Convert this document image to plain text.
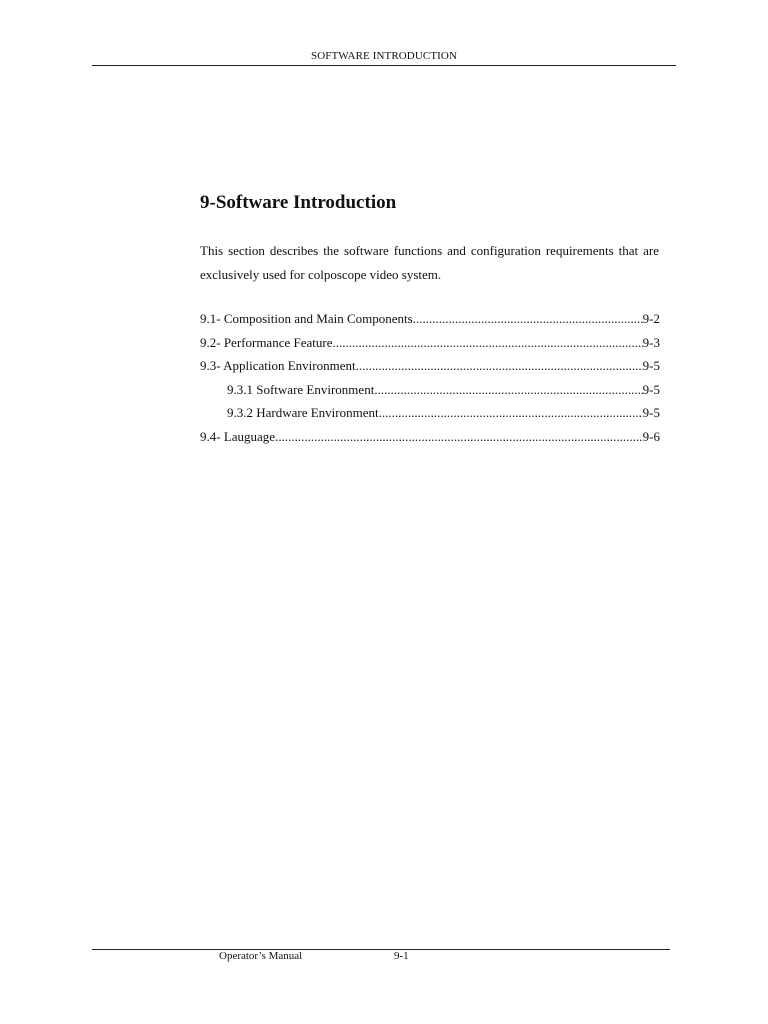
SOFTWARE INTRODUCTION
9-Software Introduction

This section describes the software functions and configuration requirements that are exclusively used for colposcope video system.

9.1- Composition and Main Components .....	9-2
9.2- Performance Feature .....	9-3
9.3- Application Environment .....	9-5
9.3.1 Software Environment .....	9-5
9.3.2 Hardware Environment .....	9-5
9.4- Lauguage .....	9-6
Operator’s Manual	9-1
